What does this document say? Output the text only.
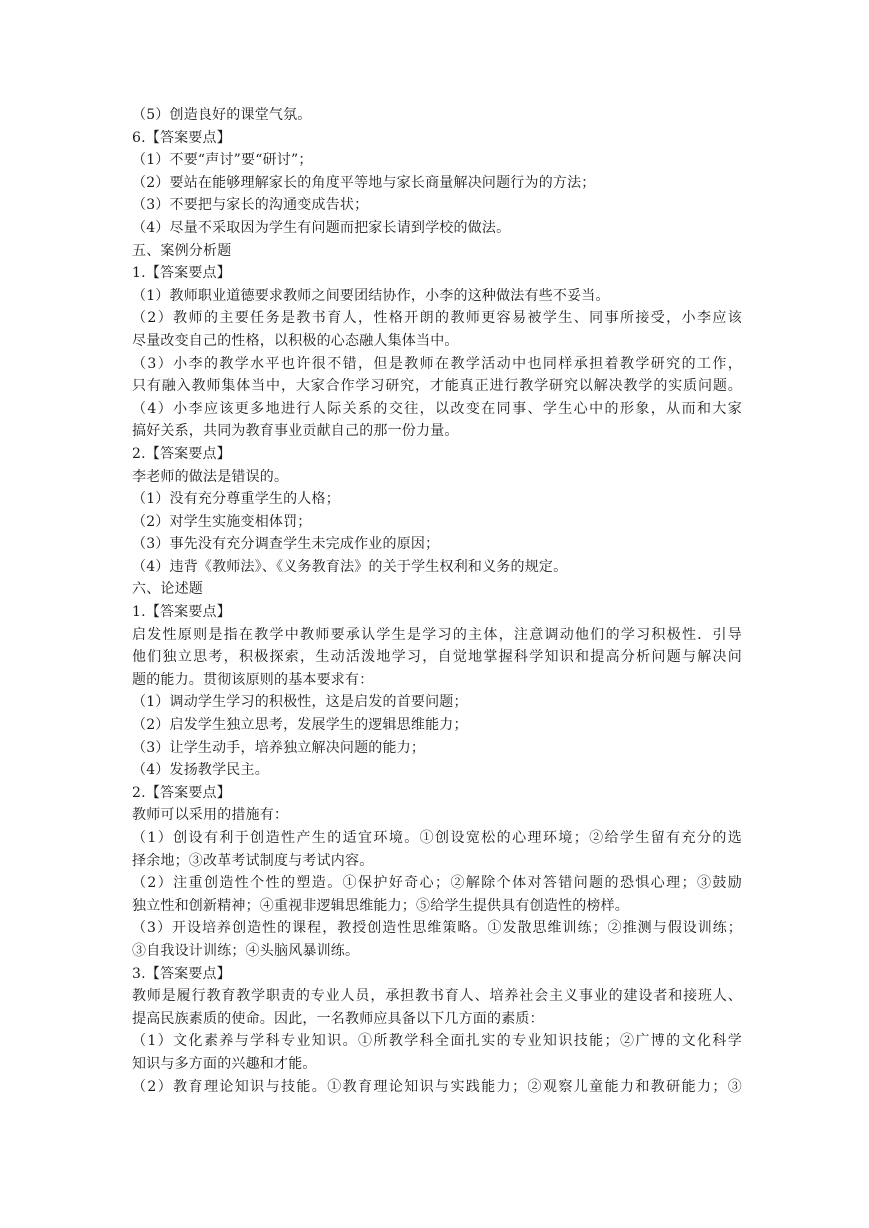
（5）创造良好的课堂气氛。
6.【答案要点】
（1）不要“声讨”要“研讨”；
（2）要站在能够理解家长的角度平等地与家长商量解决问题行为的方法；
（3）不要把与家长的沟通变成告状；
（4）尽量不采取因为学生有问题而把家长请到学校的做法。
五、案例分析题
1.【答案要点】
（1）教师职业道德要求教师之间要团结协作，小李的这种做法有些不妥当。
（2）教师的主要任务是教书育人，性格开朗的教师更容易被学生、同事所接受，小李应该
尽量改变自己的性格，以积极的心态融人集体当中。
（3）小李的教学水平也许很不错，但是教师在教学活动中也同样承担着教学研究的工作，
只有融入教师集体当中，大家合作学习研究，才能真正进行教学研究以解决教学的实质问题。
（4）小李应该更多地进行人际关系的交往，以改变在同事、学生心中的形象，从而和大家
搞好关系，共同为教育事业贡献自己的那一份力量。
2.【答案要点】
李老师的做法是错误的。
（1）没有充分尊重学生的人格；
（2）对学生实施变相体罚；
（3）事先没有充分调查学生未完成作业的原因；
（4）违背《教师法》、《义务教育法》的关于学生权利和义务的规定。
六、论述题
1.【答案要点】
启发性原则是指在教学中教师要承认学生是学习的主体，注意调动他们的学习积极性．引导
他们独立思考，积极探索，生动活泼地学习，自觉地掌握科学知识和提高分析问题与解决问
题的能力。贯彻该原则的基本要求有：
（1）调动学生学习的积极性，这是启发的首要问题；
（2）启发学生独立思考，发展学生的逻辑思维能力；
（3）让学生动手，培养独立解决问题的能力；
（4）发扬教学民主。
2.【答案要点】
教师可以采用的措施有：
（1）创设有利于创造性产生的适宜环境。①创设宽松的心理环境；②给学生留有充分的选
择余地；③改革考试制度与考试内容。
（2）注重创造性个性的塑造。①保护好奇心；②解除个体对答错问题的恐惧心理；③鼓励
独立性和创新精神；④重视非逻辑思维能力；⑤给学生提供具有创造性的榜样。
（3）开设培养创造性的课程，教授创造性思维策略。①发散思维训练；②推测与假设训练；
③自我设计训练；④头脑风暴训练。
3.【答案要点】
教师是履行教育教学职责的专业人员，承担教书育人、培养社会主义事业的建设者和接班人、
提高民族素质的使命。因此，一名教师应具备以下几方面的素质：
（1）文化素养与学科专业知识。①所教学科全面扎实的专业知识技能；②广博的文化科学
知识与多方面的兴趣和才能。
（2）教育理论知识与技能。①教育理论知识与实践能力；②观察儿童能力和教研能力；③
